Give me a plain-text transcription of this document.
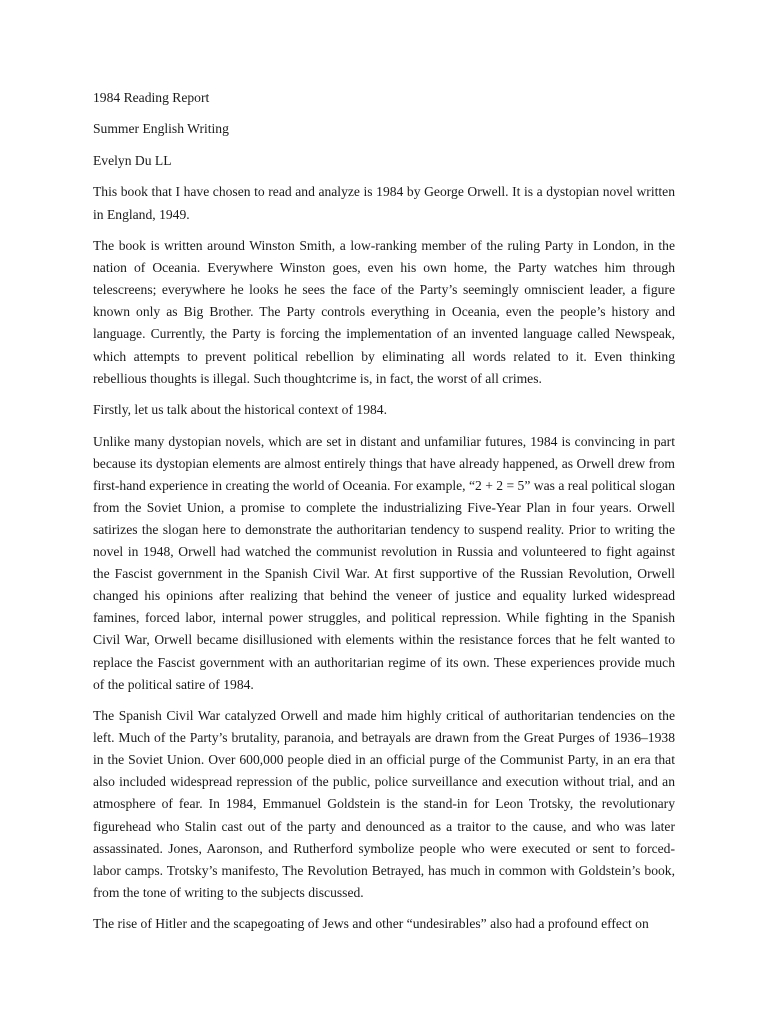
1984 Reading Report
Summer English Writing
Evelyn Du LL
This book that I have chosen to read and analyze is 1984 by George Orwell. It is a dystopian novel written in England, 1949.
The book is written around Winston Smith, a low-ranking member of the ruling Party in London, in the nation of Oceania. Everywhere Winston goes, even his own home, the Party watches him through telescreens; everywhere he looks he sees the face of the Party’s seemingly omniscient leader, a figure known only as Big Brother. The Party controls everything in Oceania, even the people’s history and language. Currently, the Party is forcing the implementation of an invented language called Newspeak, which attempts to prevent political rebellion by eliminating all words related to it. Even thinking rebellious thoughts is illegal. Such thoughtcrime is, in fact, the worst of all crimes.
Firstly, let us talk about the historical context of 1984.
Unlike many dystopian novels, which are set in distant and unfamiliar futures, 1984 is convincing in part because its dystopian elements are almost entirely things that have already happened, as Orwell drew from first-hand experience in creating the world of Oceania. For example, “2 + 2 = 5” was a real political slogan from the Soviet Union, a promise to complete the industrializing Five-Year Plan in four years. Orwell satirizes the slogan here to demonstrate the authoritarian tendency to suspend reality. Prior to writing the novel in 1948, Orwell had watched the communist revolution in Russia and volunteered to fight against the Fascist government in the Spanish Civil War. At first supportive of the Russian Revolution, Orwell changed his opinions after realizing that behind the veneer of justice and equality lurked widespread famines, forced labor, internal power struggles, and political repression. While fighting in the Spanish Civil War, Orwell became disillusioned with elements within the resistance forces that he felt wanted to replace the Fascist government with an authoritarian regime of its own. These experiences provide much of the political satire of 1984.
The Spanish Civil War catalyzed Orwell and made him highly critical of authoritarian tendencies on the left. Much of the Party’s brutality, paranoia, and betrayals are drawn from the Great Purges of 1936–1938 in the Soviet Union. Over 600,000 people died in an official purge of the Communist Party, in an era that also included widespread repression of the public, police surveillance and execution without trial, and an atmosphere of fear. In 1984, Emmanuel Goldstein is the stand-in for Leon Trotsky, the revolutionary figurehead who Stalin cast out of the party and denounced as a traitor to the cause, and who was later assassinated. Jones, Aaronson, and Rutherford symbolize people who were executed or sent to forced-labor camps. Trotsky’s manifesto, The Revolution Betrayed, has much in common with Goldstein’s book, from the tone of writing to the subjects discussed.
The rise of Hitler and the scapegoating of Jews and other “undesirables” also had a profound effect on
